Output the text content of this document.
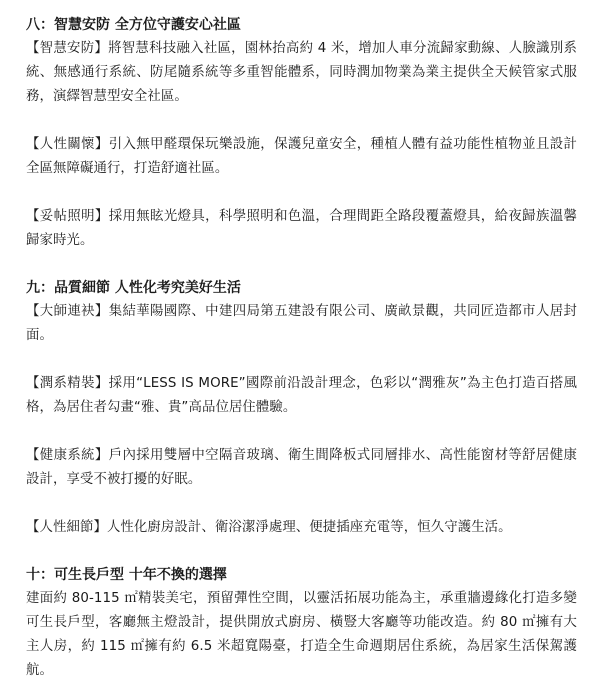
八：智慧安防 全方位守護安心社區

【智慧安防】將智慧科技融入社區，園林抬高約 4 米，增加人車分流歸家動線、人臉識別系統、無感通行系統、防尾隨系統等多重智能體系，同時潤加物業為業主提供全天候管家式服務，演繹智慧型安全社區。

【人性關懷】引入無甲醛環保玩樂設施，保護兒童安全，種植人體有益功能性植物並且設計全區無障礙通行，打造舒適社區。

【妥帖照明】採用無眩光燈具，科學照明和色溫，合理間距全路段覆蓋燈具，給夜歸族溫馨歸家時光。

九：品質細節 人性化考究美好生活

【大師連袂】集結華陽國際、中建四局第五建設有限公司、廣畝景觀，共同匠造都市人居封面。

【潤系精裝】採用“LESS IS MORE”國際前沿設計理念，色彩以“潤雅灰”為主色打造百搭風格，為居住者勾畫“雅、貴”高品位居住體驗。

【健康系統】戶內採用雙層中空隔音玻璃、衛生間降板式同層排水、高性能窗材等舒居健康設計，享受不被打擾的好眠。

【人性細節】人性化廚房設計、衛浴潔淨處理、便捷插座充電等，恒久守護生活。

十：可生長戶型 十年不換的選擇

建面約 80-115 ㎡精裝美宅，預留彈性空間，以靈活拓展功能為主，承重牆邊緣化打造多變可生長戶型，客廳無主燈設計，提供開放式廚房、橫豎大客廳等功能改造。約 80 ㎡擁有大主人房，約 115 ㎡擁有約 6.5 米超寬陽臺，打造全生命週期居住系統，為居家生活保駕護航。
